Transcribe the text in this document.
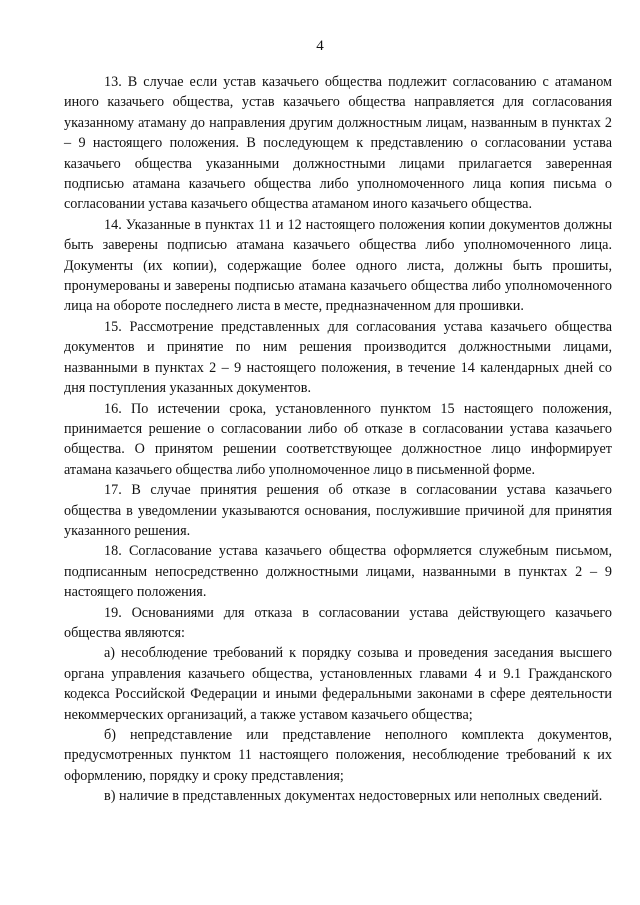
4

13. В случае если устав казачьего общества подлежит согласованию с атаманом иного казачьего общества, устав казачьего общества направляется для согласования указанному атаману до направления другим должностным лицам, названным в пунктах 2 – 9 настоящего положения. В последующем к представлению о согласовании устава казачьего общества указанными должностными лицами прилагается заверенная подписью атамана казачьего общества либо уполномоченного лица копия письма о согласовании устава казачьего общества атаманом иного казачьего общества.

14. Указанные в пунктах 11 и 12 настоящего положения копии документов должны быть заверены подписью атамана казачьего общества либо уполномоченного лица. Документы (их копии), содержащие более одного листа, должны быть прошиты, пронумерованы и заверены подписью атамана казачьего общества либо уполномоченного лица на обороте последнего листа в месте, предназначенном для прошивки.

15. Рассмотрение представленных для согласования устава казачьего общества документов и принятие по ним решения производится должностными лицами, названными в пунктах 2 – 9 настоящего положения, в течение 14 календарных дней со дня поступления указанных документов.

16. По истечении срока, установленного пунктом 15 настоящего положения, принимается решение о согласовании либо об отказе в согласовании устава казачьего общества. О принятом решении соответствующее должностное лицо информирует атамана казачьего общества либо уполномоченное лицо в письменной форме.

17. В случае принятия решения об отказе в согласовании устава казачьего общества в уведомлении указываются основания, послужившие причиной для принятия указанного решения.

18. Согласование устава казачьего общества оформляется служебным письмом, подписанным непосредственно должностными лицами, названными в пунктах 2 – 9 настоящего положения.

19. Основаниями для отказа в согласовании устава действующего казачьего общества являются:

а) несоблюдение требований к порядку созыва и проведения заседания высшего органа управления казачьего общества, установленных главами 4 и 9.1 Гражданского кодекса Российской Федерации и иными федеральными законами в сфере деятельности некоммерческих организаций, а также уставом казачьего общества;

б) непредставление или представление неполного комплекта документов, предусмотренных пунктом 11 настоящего положения, несоблюдение требований к их оформлению, порядку и сроку представления;

в) наличие в представленных документах недостоверных или неполных сведений.
